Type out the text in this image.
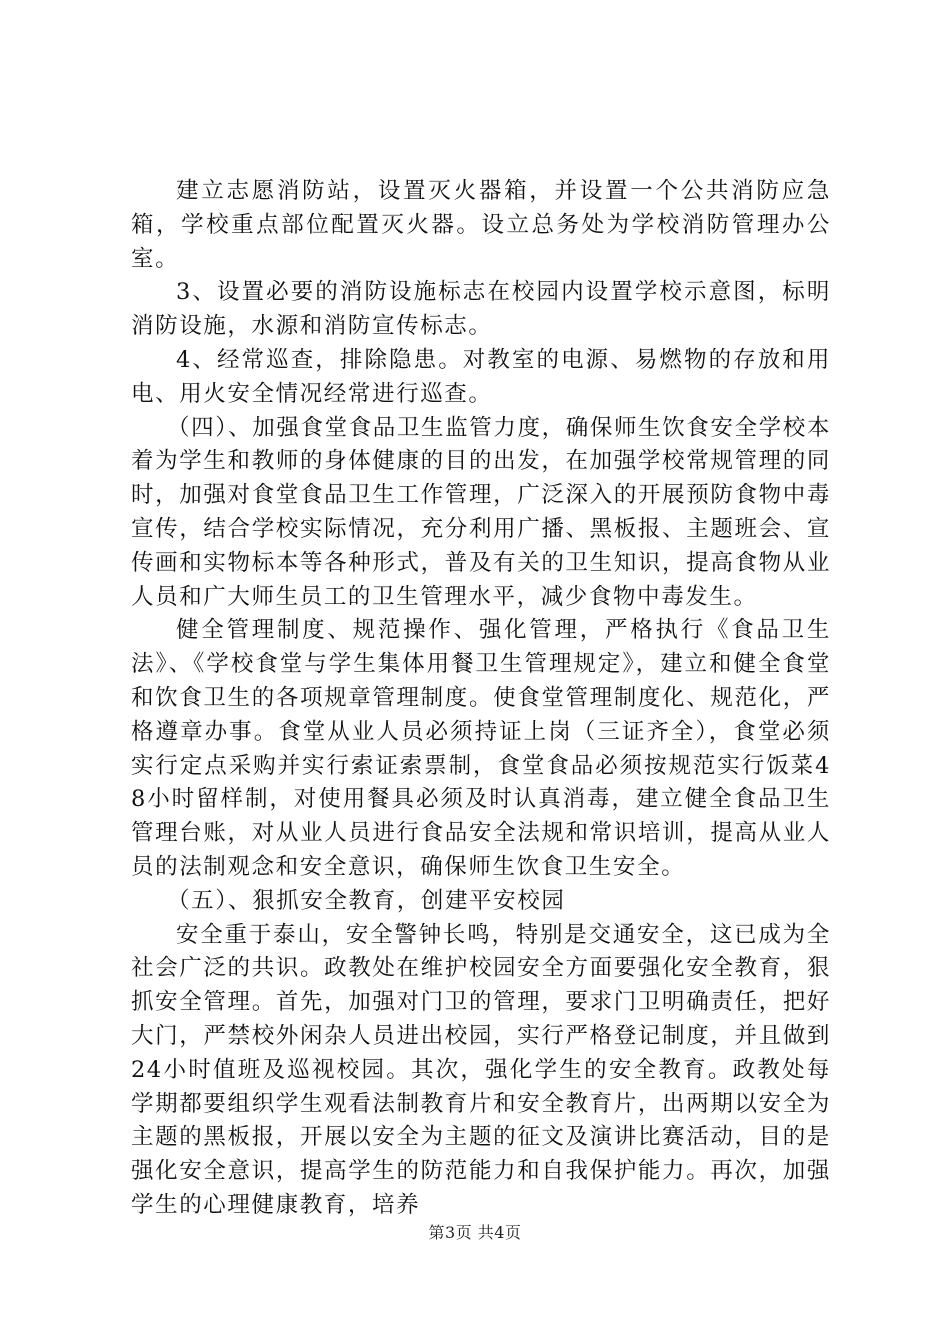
建立志愿消防站，设置灭火器箱，并设置一个公共消防应急箱，学校重点部位配置灭火器。设立总务处为学校消防管理办公室。

3、设置必要的消防设施标志在校园内设置学校示意图，标明消防设施，水源和消防宣传标志。

4、经常巡查，排除隐患。对教室的电源、易燃物的存放和用电、用火安全情况经常进行巡查。

（四）、加强食堂食品卫生监管力度，确保师生饮食安全学校本着为学生和教师的身体健康的目的出发，在加强学校常规管理的同时，加强对食堂食品卫生工作管理，广泛深入的开展预防食物中毒宣传，结合学校实际情况，充分利用广播、黑板报、主题班会、宣传画和实物标本等各种形式，普及有关的卫生知识，提高食物从业人员和广大师生员工的卫生管理水平，减少食物中毒发生。

健全管理制度、规范操作、强化管理，严格执行《食品卫生法》、《学校食堂与学生集体用餐卫生管理规定》，建立和健全食堂和饮食卫生的各项规章管理制度。使食堂管理制度化、规范化，严格遵章办事。食堂从业人员必须持证上岗（三证齐全），食堂必须实行定点采购并实行索证索票制，食堂食品必须按规范实行饭菜48小时留样制，对使用餐具必须及时认真消毒，建立健全食品卫生管理台账，对从业人员进行食品安全法规和常识培训，提高从业人员的法制观念和安全意识，确保师生饮食卫生安全。

（五）、狠抓安全教育，创建平安校园

安全重于泰山，安全警钟长鸣，特别是交通安全，这已成为全社会广泛的共识。政教处在维护校园安全方面要强化安全教育，狠抓安全管理。首先，加强对门卫的管理，要求门卫明确责任，把好大门，严禁校外闲杂人员进出校园，实行严格登记制度，并且做到24小时值班及巡视校园。其次，强化学生的安全教育。政教处每学期都要组织学生观看法制教育片和安全教育片，出两期以安全为主题的黑板报，开展以安全为主题的征文及演讲比赛活动，目的是强化安全意识，提高学生的防范能力和自我保护能力。再次，加强学生的心理健康教育，培养

第3页 共4页
